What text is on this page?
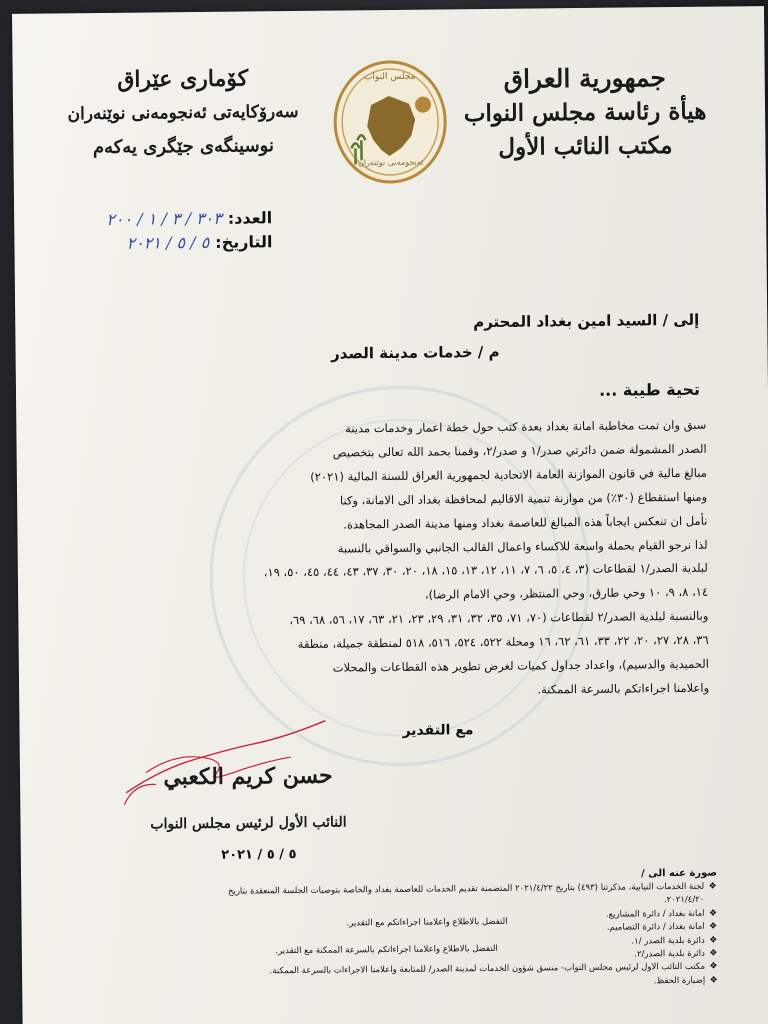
جمهورية العراق
هيأة رئاسة مجلس النواب
مكتب النائب الأول
كۆماری عێراق
سەرۆکایەتی ئەنجومەنی نوێنەران
نوسینگەی جێگری یەکەم
مجلس النواب
ئەنجومەنی نوێنەران
العدد:
٣٠٣ / ٣ / ١ / ٢٠٠
التاريخ:
٥ / ٥ / ٢٠٢١
إلى / السيد امين بغداد المحترم
م / خدمات مدينة الصدر
تحية طيبة ...
سبق وان تمت مخاطبة امانة بغداد بعدة كتب حول خطة اعمار وخدمات مدينة
الصدر المشمولة ضمن دائرتي صدر/١ و صدر/٢، وقمنا بحمد الله تعالى بتخصيص
مبالغ مالية في قانون الموازنة العامة الاتحادية لجمهورية العراق للسنة المالية (٢٠٢١)
ومنها استقطاع (٣٠٪) من موازنة تنمية الاقاليم لمحافظة بغداد الى الامانة، وكنا
نأمل ان تنعكس ايجاباً هذه المبالغ للعاصمة بغداد ومنها مدينة الصدر المجاهدة.
لذا نرجو القيام بحملة واسعة للاكساء واعمال القالب الجانبي والسواقي بالنسبة
لبلدية الصدر/١ لقطاعات (٣، ٤، ٥، ٦، ٧، ١١، ١٢، ١٣، ١٥، ١٨، ٢٠، ٣٠، ٣٧، ٤٣، ٤٤، ٤٥، ٥٠، ١٩،
١٤، ٨، ٩، ١٠ وحي طارق، وحي المنتظر، وحي الامام الرضا)،
وبالنسبة لبلدية الصدر/٢ لقطاعات (٧٠، ٧١، ٣٥، ٣٢، ٣١، ٢٩، ٢٣، ٢١، ٦٣، ١٧، ٥٦، ٦٨، ٦٩،
٣٦، ٢٨، ٢٧، ٢٠، ٢٢، ٣٣، ٦١، ٦٢، ١٦ ومحلة ٥٢٢، ٥٢٤، ٥١٦، ٥١٨ لمنطقة جميلة، منطقة
الحميدية والدسيم)، واعداد جداول كميات لغرض تطوير هذه القطاعات والمحلات
واعلامنا اجراءاتكم بالسرعة الممكنة.
مع التقدير
حسن كريم الكعبي
النائب الأول لرئيس مجلس النواب
٥ / ٥ / ٢٠٢١
صورة عنه الى /
❖لجنة الخدمات النيابية، مذكرتنا (٤٩٣) بتاريخ ٢٠٢١/٤/٢٢ المتضمنة تقديم الخدمات للعاصمة بغداد والخاصة بتوصيات الجلسة المنعقدة بتاريخ
٢٠٢١/٤/٢٠.
❖امانة بغداد / دائرة المشاريع.
التفضل بالاطلاع واعلامنا اجراءاتكم مع التقدير.	❖امانة بغداد / دائرة التصاميم.
❖دائرة بلدية الصدر /١.
التفضل بالاطلاع واعلامنا اجراءاتكم بالسرعة الممكنة مع التقدير.	❖دائرة بلدية الصدر/٢.
❖مكتب النائب الاول لرئيس مجلس النواب- منسق شؤون الخدمات لمدينة الصدر/ للمتابعة واعلامنا الاجراءات بالسرعة الممكنة.
❖إضبارة الحفظ.
